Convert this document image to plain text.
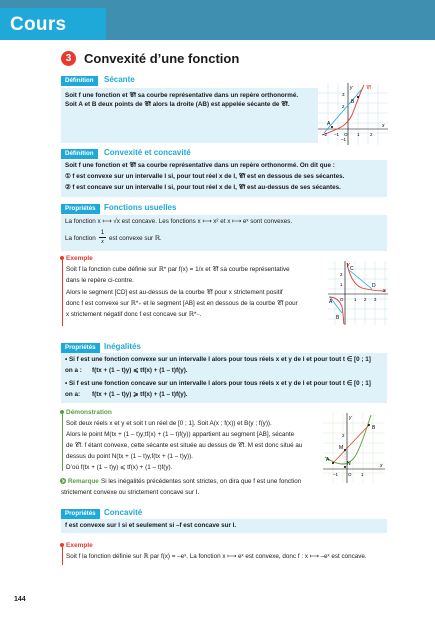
Cours
3 Convexité d’une fonction
Définition	Sécante
Soit f une fonction et 𝒞f sa courbe représentative dans un repère orthonormé.
Soit A et B deux points de 𝒞f alors la droite (AB) est appelée sécante de 𝒞f.
y	𝒞f
x
3
2
B
A
–2 –1 O 1 2
–1
Définition	Convexité et concavité
Soit f une fonction et 𝒞f sa courbe représentative dans un repère orthonormé. On dit que :
① f est convexe sur un intervalle I si, pour tout réel x de I, 𝒞f est en dessous de ses sécantes.
② f est concave sur un intervalle I si, pour tout réel x de I, 𝒞f est au-dessus de ses sécantes.
Propriétés	Fonctions usuelles
La fonction x ⟼ √x est concave. Les fonctions x ⟼ x² et x ⟼ eˣ sont convexes.
La fonction $\frac{1}{x}$ est convexe sur ℝ.
Exemple
Soit f la fonction cube définie sur ℝ* par f(x) = 1/x et 𝒞f sa courbe représentative
dans le repère ci-contre.
Alors le segment [CD] est au-dessus de la courbe 𝒞f pour x strictement positif
donc f est convexe sur ℝ*₊ et le segment [AB] est en dessous de la courbe 𝒞f pour
x strictement négatif donc f est concave sur ℝ*₋.
y
C
D
x
A
B
2
1
O 1 2 3
Propriétés	Inégalités
• Si f est une fonction convexe sur un intervalle I alors pour tous réels x et y de I et pour tout t ∈ [0 ; 1]
on a : f(tx + (1 – t)y) ⩽ tf(x) + (1 – t)f(y).
• Si f est une fonction concave sur un intervalle I alors pour tous réels x et y de I et pour tout t ∈ [0 ; 1]
on a: f(tx + (1 – t)y) ⩾ tf(x) + (1 – t)f(y).
Démonstration
Soit deux réels x et y et soit t un réel de [0 ; 1]. Soit A(x ; f(x)) et B(y ; f(y)).
Alors le point M(tx + (1 – t)y;tf(x) + (1 – t)f(y)) appartient au segment [AB], sécante
de 𝒞f. f étant convexe, cette sécante est située au dessus de 𝒞f. M est donc situé au
dessus du point N(tx + (1 – t)y,f(tx + (1 – t)y)).
D’où f(tx + (1 – t)y) ⩽ tf(x) + (1 – t)f(y).
y
B
2
M
N
A
x
–1 O 1
Remarque Si les inégalités précédentes sont strictes, on dira que f est une fonction
strictement convexe ou strictement concave sur I.
Propriétés	Concavité
f est convexe sur I si et seulement si –f est concave sur I.
Exemple
Soit f la fonction définie sur ℝ par f(x) = –eˣ. La fonction x ⟼ eˣ est convexe, donc f : x ⟼ –eˣ est concave.
144
